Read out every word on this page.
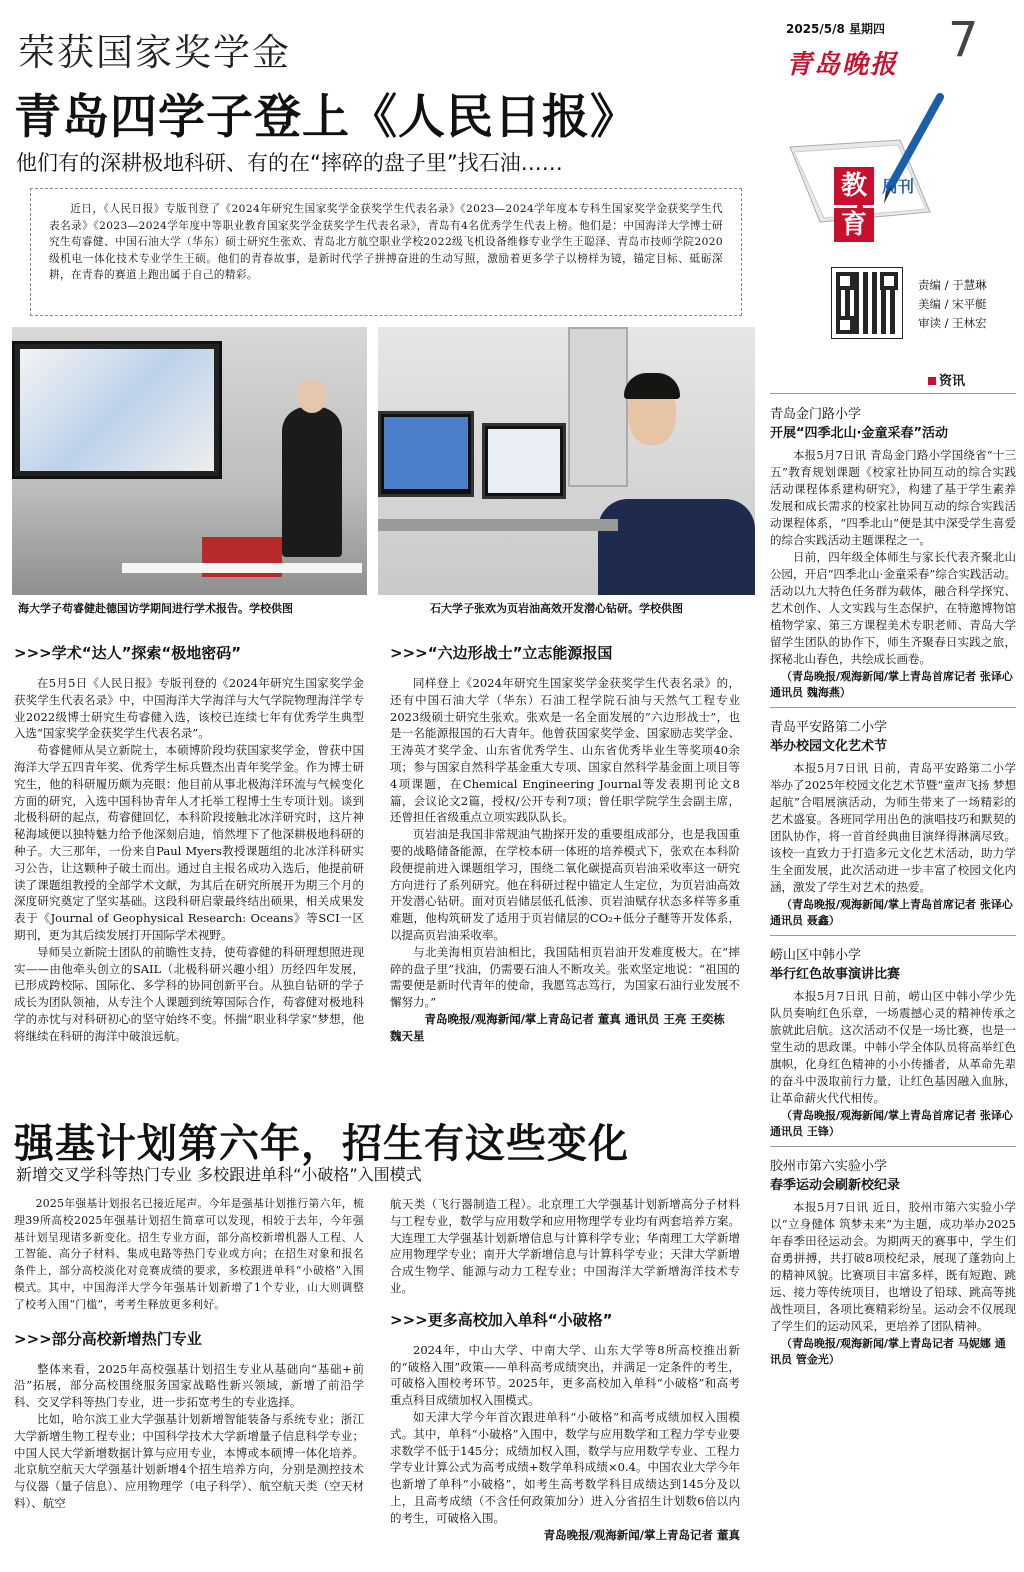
2025/5/8 星期四
青岛晚报 7
教
育
周刊
责编 / 于慧琳
美编 / 宋平艇
审读 / 王林宏
荣获国家奖学金
青岛四学子登上《人民日报》
他们有的深耕极地科研、有的在“摔碎的盘子里”找石油……

近日，《人民日报》专版刊登了《2024年研究生国家奖学金获奖学生代表名录》《2023—2024学年度本专科生国家奖学金获奖学生代表名录》《2023—2024学年度中等职业教育国家奖学金获奖学生代表名录》，青岛有4名优秀学生代表上榜。他们是：中国海洋大学博士研究生苟睿健、中国石油大学（华东）硕士研究生张欢、青岛北方航空职业学校2022级飞机设备维修专业学生王聪泽、青岛市技师学院2020级机电一体化技术专业学生王硕。他们的青春故事，是新时代学子拼搏奋进的生动写照，激励着更多学子以榜样为镜，锚定目标、砥砺深耕，在青春的赛道上跑出属于自己的精彩。

海大学子苟睿健赴德国访学期间进行学术报告。学校供图	石大学子张欢为页岩油高效开发潜心钻研。学校供图
>>>学术“达人”探索“极地密码”

在5月5日《人民日报》专版刊登的《2024年研究生国家奖学金获奖学生代表名录》中，中国海洋大学海洋与大气学院物理海洋学专业2022级博士研究生苟睿健入选，该校已连续七年有优秀学生典型入选“国家奖学金获奖学生代表名录”。

苟睿健师从吴立新院士，本硕博阶段均获国家奖学金，曾获中国海洋大学五四青年奖、优秀学生标兵暨杰出青年奖学金。作为博士研究生，他的科研履历颇为亮眼：他目前从事北极海洋环流与气候变化方面的研究，入选中国科协青年人才托举工程博士生专项计划。谈到北极科研的起点，苟睿健回忆，本科阶段接触北冰洋研究时，这片神秘海域便以独特魅力给予他深刻启迪，悄然埋下了他深耕极地科研的种子。大三那年，一份来自Paul Myers教授课题组的北冰洋科研实习公告，让这颗种子破土而出。通过自主报名成功入选后，他提前研读了课题组教授的全部学术文献，为其后在研究所展开为期三个月的深度研究奠定了坚实基础。这段科研启蒙最终结出硕果，相关成果发表于《Journal of Geophysical Research: Oceans》等SCI一区期刊，更为其后续发展打开国际学术视野。

导师吴立新院士团队的前瞻性支持，使苟睿健的科研理想照进现实——由他牵头创立的SAIL（北极科研兴趣小组）历经四年发展，已形成跨校际、国际化、多学科的协同创新平台。从独自钻研的学子成长为团队领袖，从专注个人课题到统筹国际合作，苟睿健对极地科学的赤忱与对科研初心的坚守始终不变。怀揣“职业科学家”梦想，他将继续在科研的海洋中破浪远航。

>>>“六边形战士”立志能源报国

同样登上《2024年研究生国家奖学金获奖学生代表名录》的，还有中国石油大学（华东）石油工程学院石油与天然气工程专业2023级硕士研究生张欢。张欢是一名全面发展的“六边形战士”，也是一名能源报国的石大青年。他曾获国家奖学金、国家励志奖学金、王涛英才奖学金、山东省优秀学生、山东省优秀毕业生等奖项40余项；参与国家自然科学基金重大专项、国家自然科学基金面上项目等4项课题，在Chemical Engineering Journal等发表期刊论文8篇，会议论文2篇，授权/公开专利7项；曾任职学院学生会副主席，还曾担任省级重点立项实践队队长。

页岩油是我国非常规油气勘探开发的重要组成部分，也是我国重要的战略储备能源，在学校本研一体班的培养模式下，张欢在本科阶段便提前进入课题组学习，围绕二氧化碳提高页岩油采收率这一研究方向进行了系列研究。他在科研过程中锚定人生定位，为页岩油高效开发潜心钻研。面对页岩储层低孔低渗、页岩油赋存状态多样等多重难题，他构筑研发了适用于页岩储层的CO₂+低分子醚等开发体系，以提高页岩油采收率。

与北美海相页岩油相比，我国陆相页岩油开发难度极大。在“摔碎的盘子里”找油，仍需要石油人不断攻关。张欢坚定地说：“祖国的需要便是新时代青年的使命，我愿笃志笃行，为国家石油行业发展不懈努力。”

青岛晚报/观海新闻/掌上青岛记者 董真 通讯员 王亮 王奕栋 魏天星
强基计划第六年，招生有这些变化
新增交叉学科等热门专业 多校跟进单科“小破格”入围模式

2025年强基计划报名已接近尾声。今年是强基计划推行第六年，梳理39所高校2025年强基计划招生简章可以发现，相较于去年，今年强基计划呈现诸多新变化。招生专业方面，部分高校新增机器人工程、人工智能、高分子材料、集成电路等热门专业或方向；在招生对象和报名条件上，部分高校淡化对竞赛成绩的要求，多校跟进单科“小破格”入围模式。其中，中国海洋大学今年强基计划新增了1个专业，山大则调整了校考入围“门槛”，考考生释放更多利好。

>>>部分高校新增热门专业

整体来看，2025年高校强基计划招生专业从基础向“基础+前沿”拓展，部分高校围绕服务国家战略性新兴领域，新增了前沿学科、交叉学科等热门专业，进一步拓宽考生的专业选择。

比如，哈尔滨工业大学强基计划新增智能装备与系统专业；浙江大学新增生物工程专业；中国科学技术大学新增量子信息科学专业；中国人民大学新增数据计算与应用专业，本博或本硕博一体化培养。北京航空航天大学强基计划新增4个招生培养方向，分别是测控技术与仪器（量子信息）、应用物理学（电子科学）、航空航天类（空天材料）、航空

航天类（飞行器制造工程）。北京理工大学强基计划新增高分子材料与工程专业，数学与应用数学和应用物理学专业均有两套培养方案。大连理工大学强基计划新增信息与计算科学专业；华南理工大学新增应用物理学专业；南开大学新增信息与计算科学专业；天津大学新增合成生物学、能源与动力工程专业；中国海洋大学新增海洋技术专业。

>>>更多高校加入单科“小破格”

2024年，中山大学、中南大学、山东大学等8所高校推出新的“破格入围”政策——单科高考成绩突出，并满足一定条件的考生，可破格入围校考环节。2025年，更多高校加入单科“小破格”和高考重点科目成绩加权入围模式。

如天津大学今年首次跟进单科“小破格”和高考成绩加权入围模式。其中，单科“小破格”入围中，数学与应用数学和工程力学专业要求数学不低于145分；成绩加权入围，数学与应用数学专业、工程力学专业计算公式为高考成绩+数学单科成绩×0.4。中国农业大学今年也新增了单科“小破格”，如考生高考数学科目成绩达到145分及以上，且高考成绩（不含任何政策加分）进入分省招生计划数6倍以内的考生，可破格入围。

青岛晚报/观海新闻/掌上青岛记者 董真
资讯
青岛金门路小学
开展“四季北山·金童采春”活动

本报5月7日讯 青岛金门路小学国绕省“十三五”教育规划课题《校家社协同互动的综合实践活动课程体系建构研究》，构建了基于学生素养发展和成长需求的校家社协同互动的综合实践活动课程体系，“四季北山”便是其中深受学生喜爱的综合实践活动主题课程之一。

日前，四年级全体师生与家长代表齐聚北山公园，开启“四季北山·金童采春”综合实践活动。活动以九大特色任务群为载体，融合科学探究、艺术创作、人文实践与生态保护，在特邀博物馆植物学家、第三方课程美术专职老师、青岛大学留学生团队的协作下，师生齐聚春日实践之旅，探秘北山春色，共绘成长画卷。

（青岛晚报/观海新闻/掌上青岛首席记者 张译心 通讯员 魏海燕）
青岛平安路第二小学
举办校园文化艺术节

本报5月7日讯 日前，青岛平安路第二小学举办了2025年校园文化艺术节暨“童声飞扬 梦想起航”合唱展演活动，为师生带来了一场精彩的艺术盛宴。各班同学用出色的演唱技巧和默契的团队协作，将一首首经典曲目演绎得淋漓尽致。该校一直致力于打造多元文化艺术活动，助力学生全面发展，此次活动进一步丰富了校园文化内涵，激发了学生对艺术的热爱。

（青岛晚报/观海新闻/掌上青岛首席记者 张译心 通讯员 聂鑫）
崂山区中韩小学
举行红色故事演讲比赛

本报5月7日讯 日前，崂山区中韩小学少先队员奏响红色乐章，一场震撼心灵的精神传承之旅就此启航。这次活动不仅是一场比赛，也是一堂生动的思政课。中韩小学全体队员将高举红色旗帜，化身红色精神的小小传播者，从革命先辈的奋斗中汲取前行力量，让红色基因融入血脉，让革命薪火代代相传。

（青岛晚报/观海新闻/掌上青岛首席记者 张译心 通讯员 王锋）
胶州市第六实验小学
春季运动会刷新校纪录

本报5月7日讯 近日，胶州市第六实验小学以“立身健体 筑梦未来”为主题，成功举办2025年春季田径运动会。为期两天的赛事中，学生们奋勇拼搏，共打破8项校纪录，展现了蓬勃向上的精神风貌。比赛项目丰富多样，既有短跑、跳远、接力等传统项目，也增设了铅球、跳高等挑战性项目，各项比赛精彩纷呈。运动会不仅展现了学生们的运动风采，更培养了团队精神。

（青岛晚报/观海新闻/掌上青岛记者 马妮娜 通讯员 管金光）
